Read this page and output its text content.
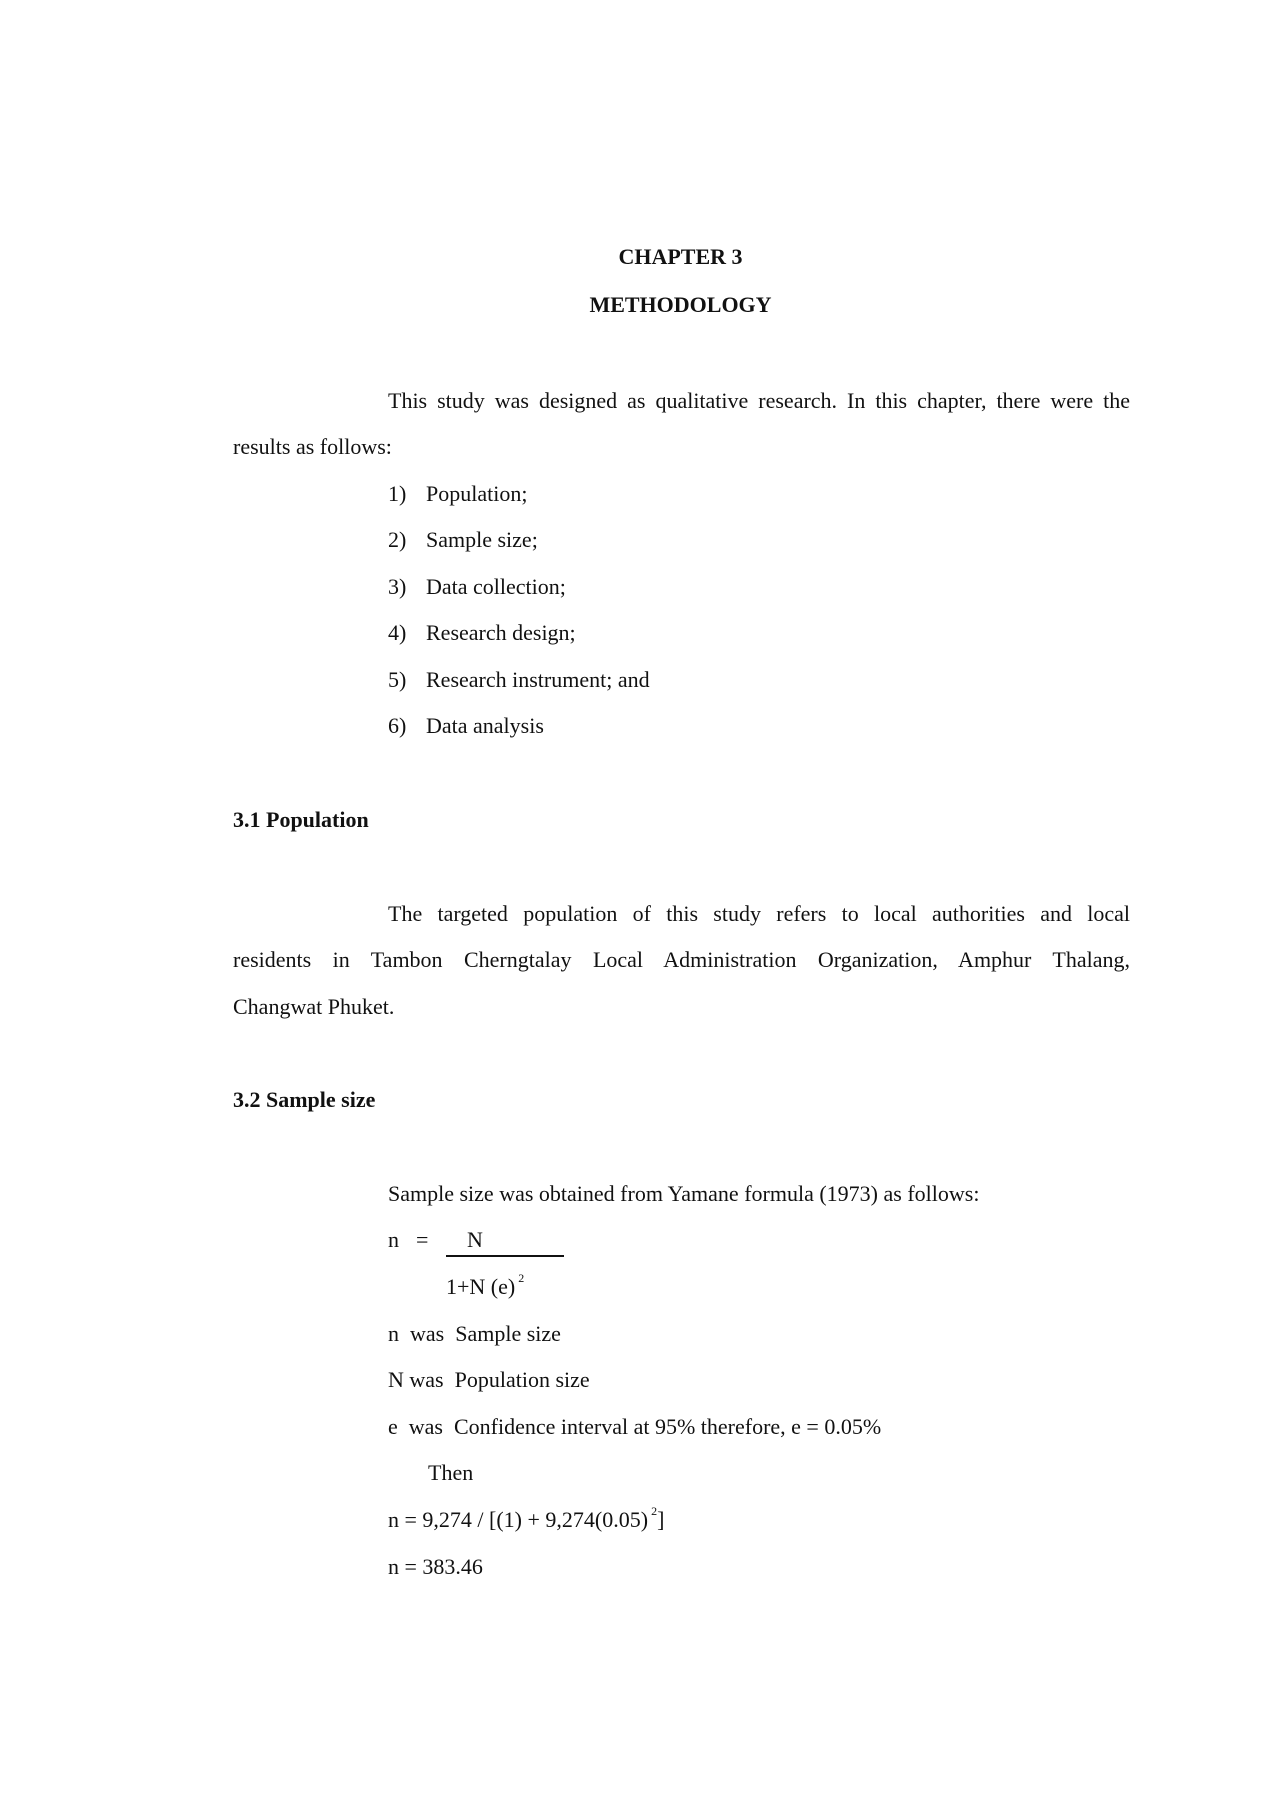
CHAPTER 3
METHODOLOGY
This study was designed as qualitative research. In this chapter, there were the
results as follows:
1) Population;
2) Sample size;
3) Data collection;
4) Research design;
5) Research instrument; and
6) Data analysis
3.1 Population
The targeted population of this study refers to local authorities and local
residents in Tambon Cherngtalay Local Administration Organization, Amphur Thalang,
Changwat Phuket.
3.2 Sample size
Sample size was obtained from Yamane formula (1973) as follows:
n = N
1+N (e) $^2$
n  was  Sample size
N was  Population size
e  was  Confidence interval at 95% therefore, e = 0.05%
Then
n = 9,274 / [(1) + 9,274(0.05) $^2$]
n = 383.46
